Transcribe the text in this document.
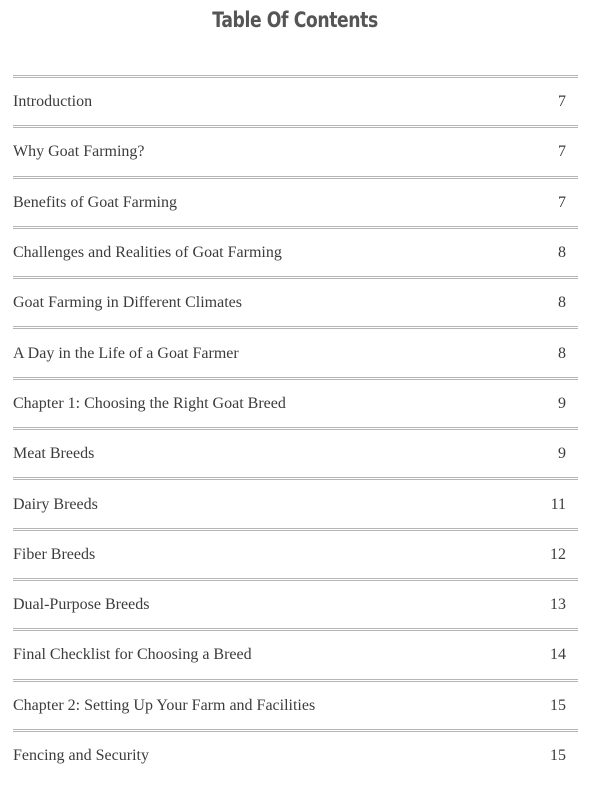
Table Of Contents
Introduction	7
Why Goat Farming?	7
Benefits of Goat Farming	7
Challenges and Realities of Goat Farming	8
Goat Farming in Different Climates	8
A Day in the Life of a Goat Farmer	8
Chapter 1: Choosing the Right Goat Breed	9
Meat Breeds	9
Dairy Breeds	11
Fiber Breeds	12
Dual-Purpose Breeds	13
Final Checklist for Choosing a Breed	14
Chapter 2: Setting Up Your Farm and Facilities	15
Fencing and Security	15
